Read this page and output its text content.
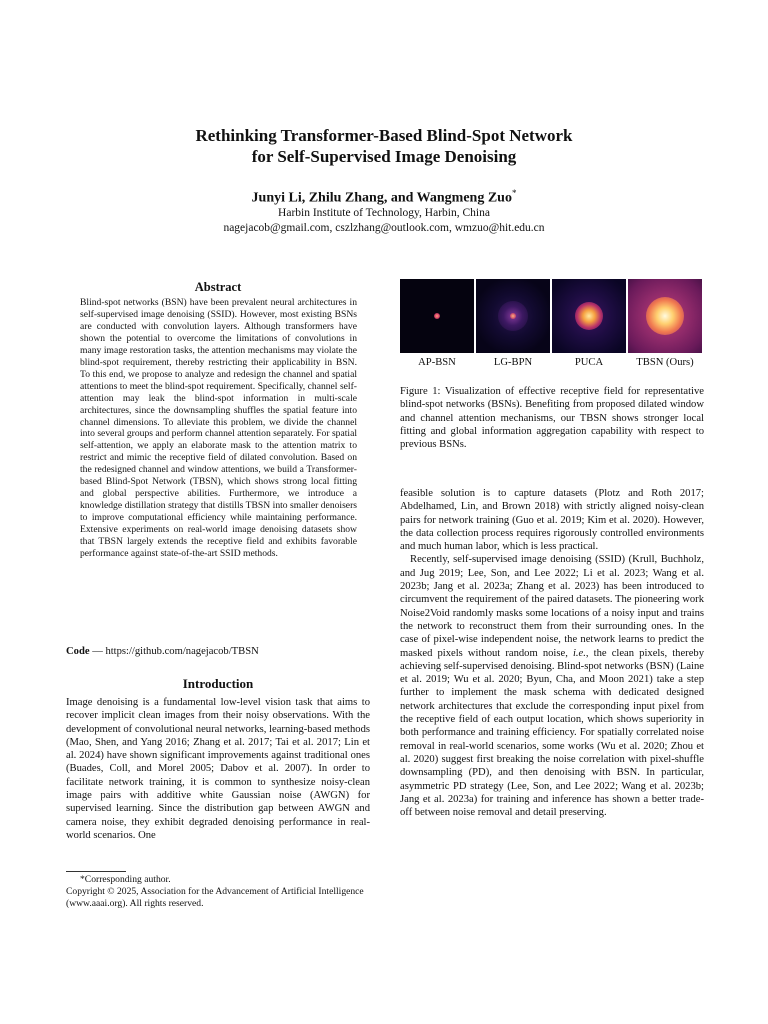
Rethinking Transformer-Based Blind-Spot Network
for Self-Supervised Image Denoising
Junyi Li, Zhilu Zhang, and Wangmeng Zuo*
Harbin Institute of Technology, Harbin, China
nagejacob@gmail.com, cszlzhang@outlook.com, wmzuo@hit.edu.cn
Abstract
Blind-spot networks (BSN) have been prevalent neural architectures in self-supervised image denoising (SSID). However, most existing BSNs are conducted with convolution layers. Although transformers have shown the potential to overcome the limitations of convolutions in many image restoration tasks, the attention mechanisms may violate the blind-spot requirement, thereby restricting their applicability in BSN. To this end, we propose to analyze and redesign the channel and spatial attentions to meet the blind-spot requirement. Specifically, channel self-attention may leak the blind-spot information in multi-scale architectures, since the downsampling shuffles the spatial feature into channel dimensions. To alleviate this problem, we divide the channel into several groups and perform channel attention separately. For spatial self-attention, we apply an elaborate mask to the attention matrix to restrict and mimic the receptive field of dilated convolution. Based on the redesigned channel and window attentions, we build a Transformer-based Blind-Spot Network (TBSN), which shows strong local fitting and global perspective abilities. Furthermore, we introduce a knowledge distillation strategy that distills TBSN into smaller denoisers to improve computational efficiency while maintaining performance. Extensive experiments on real-world image denoising datasets show that TBSN largely extends the receptive field and exhibits favorable performance against state-of-the-art SSID methods.
Code — https://github.com/nagejacob/TBSN
Introduction
Image denoising is a fundamental low-level vision task that aims to recover implicit clean images from their noisy observations. With the development of convolutional neural networks, learning-based methods (Mao, Shen, and Yang 2016; Zhang et al. 2017; Tai et al. 2017; Lin et al. 2024) have shown significant improvements against traditional ones (Buades, Coll, and Morel 2005; Dabov et al. 2007). In order to facilitate network training, it is common to synthesize noisy-clean image pairs with additive white Gaussian noise (AWGN) for supervised learning. Since the distribution gap between AWGN and camera noise, they exhibit degraded denoising performance in real-world scenarios. One
*Corresponding author.
Copyright © 2025, Association for the Advancement of Artificial Intelligence (www.aaai.org). All rights reserved.
AP-BSN	LG-BPN	PUCA	TBSN (Ours)
Figure 1: Visualization of effective receptive field for representative blind-spot networks (BSNs). Benefiting from proposed dilated window and channel attention mechanisms, our TBSN shows stronger local fitting and global information aggregation capability with respect to previous BSNs.

feasible solution is to capture datasets (Plotz and Roth 2017; Abdelhamed, Lin, and Brown 2018) with strictly aligned noisy-clean pairs for network training (Guo et al. 2019; Kim et al. 2020). However, the data collection process requires rigorously controlled environments and much human labor, which is less practical.

Recently, self-supervised image denoising (SSID) (Krull, Buchholz, and Jug 2019; Lee, Son, and Lee 2022; Li et al. 2023; Wang et al. 2023b; Jang et al. 2023a; Zhang et al. 2023) has been introduced to circumvent the requirement of the paired datasets. The pioneering work Noise2Void randomly masks some locations of a noisy input and trains the network to reconstruct them from their surrounding ones. In the case of pixel-wise independent noise, the network learns to predict the masked pixels without random noise, i.e., the clean pixels, thereby achieving self-supervised denoising. Blind-spot networks (BSN) (Laine et al. 2019; Wu et al. 2020; Byun, Cha, and Moon 2021) take a step further to implement the mask schema with dedicated designed network architectures that exclude the corresponding input pixel from the receptive field of each output location, which shows superiority in both performance and training efficiency. For spatially correlated noise removal in real-world scenarios, some works (Wu et al. 2020; Zhou et al. 2020) suggest first breaking the noise correlation with pixel-shuffle downsampling (PD), and then denoising with BSN. In particular, asymmetric PD strategy (Lee, Son, and Lee 2022; Wang et al. 2023b; Jang et al. 2023a) for training and inference has shown a better trade-off between noise removal and detail preserving.
